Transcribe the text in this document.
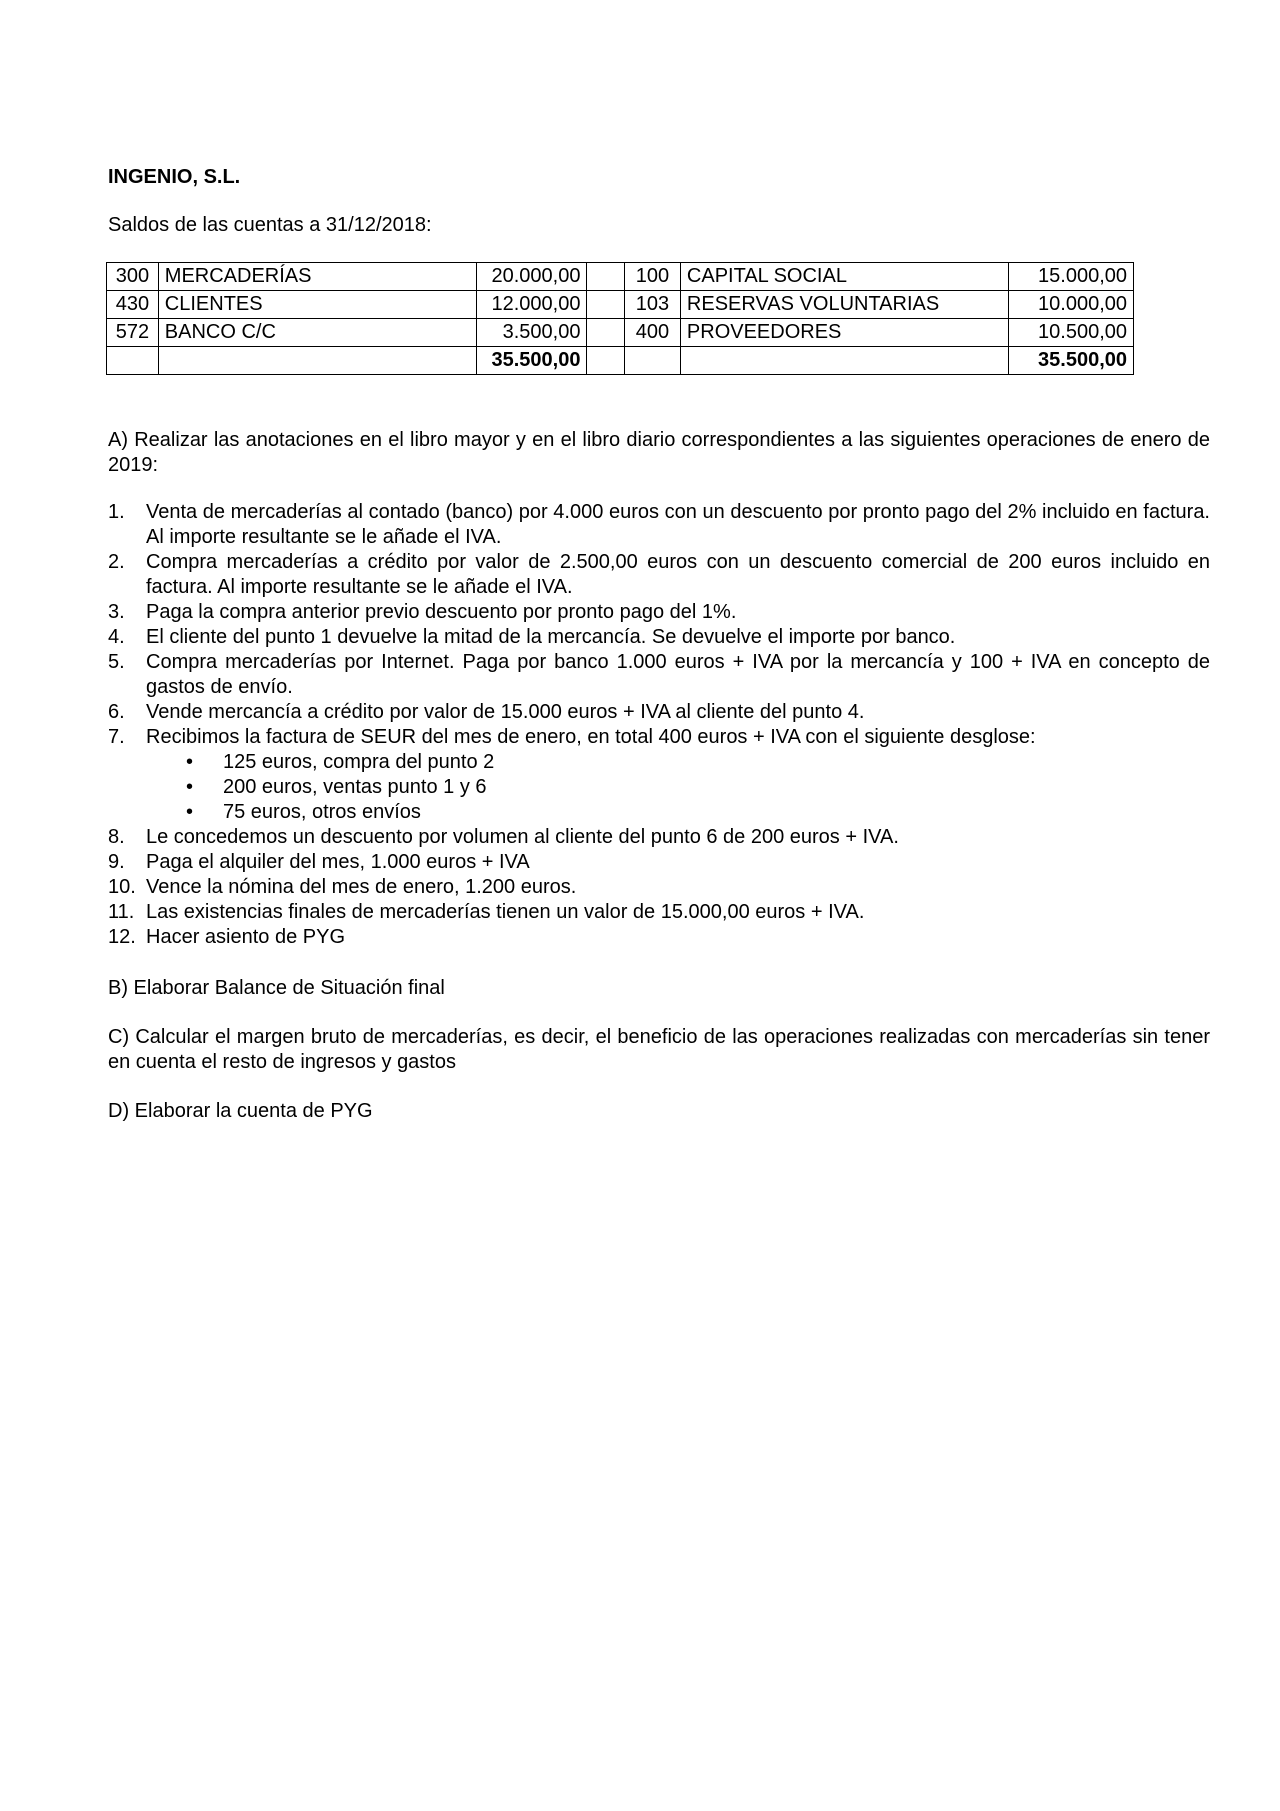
INGENIO, S.L.
Saldos de las cuentas a 31/12/2018:
300	MERCADERÍAS	20.000,00		100	CAPITAL SOCIAL	15.000,00
430	CLIENTES	12.000,00		103	RESERVAS VOLUNTARIAS	10.000,00
572	BANCO C/C	3.500,00		400	PROVEEDORES	10.500,00
		35.500,00				35.500,00
A) Realizar las anotaciones en el libro mayor y en el libro diario correspondientes a las siguientes operaciones de enero de 2019:
1. Venta de mercaderías al contado (banco) por 4.000 euros con un descuento por pronto pago del 2% incluido en factura. Al importe resultante se le añade el IVA.
2. Compra mercaderías a crédito por valor de 2.500,00 euros con un descuento comercial de 200 euros incluido en factura. Al importe resultante se le añade el IVA.
3. Paga la compra anterior previo descuento por pronto pago del 1%.
4. El cliente del punto 1 devuelve la mitad de la mercancía. Se devuelve el importe por banco.
5. Compra mercaderías por Internet. Paga por banco 1.000 euros + IVA por la mercancía y 100 + IVA en concepto de gastos de envío.
6. Vende mercancía a crédito por valor de 15.000 euros + IVA al cliente del punto 4.
7. Recibimos la factura de SEUR del mes de enero, en total 400 euros + IVA con el siguiente desglose:
• 125 euros, compra del punto 2
• 200 euros, ventas punto 1 y 6
• 75 euros, otros envíos
8. Le concedemos un descuento por volumen al cliente del punto 6 de 200 euros + IVA.
9. Paga el alquiler del mes, 1.000 euros + IVA
10. Vence la nómina del mes de enero, 1.200 euros.
11. Las existencias finales de mercaderías tienen un valor de 15.000,00 euros + IVA.
12. Hacer asiento de PYG
B) Elaborar Balance de Situación final
C) Calcular el margen bruto de mercaderías, es decir, el beneficio de las operaciones realizadas con mercaderías sin tener en cuenta el resto de ingresos y gastos
D) Elaborar la cuenta de PYG
